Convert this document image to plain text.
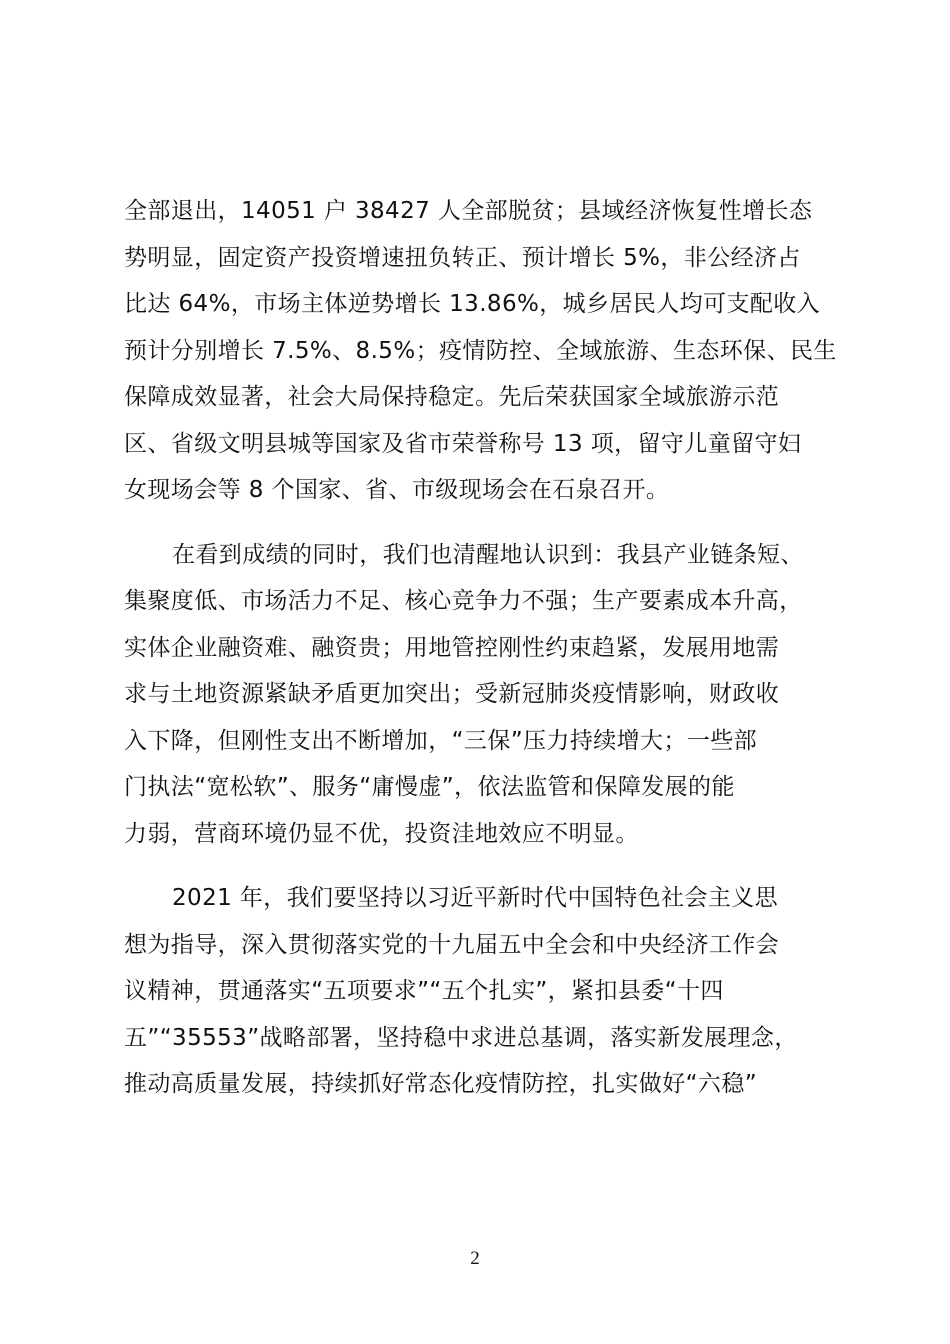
全部退出，14051 户 38427 人全部脱贫；县域经济恢复性增长态
势明显，固定资产投资增速扭负转正、预计增长 5%，非公经济占
比达 64%，市场主体逆势增长 13.86%，城乡居民人均可支配收入
预计分别增长 7.5%、8.5%；疫情防控、全域旅游、生态环保、民生
保障成效显著，社会大局保持稳定。先后荣获国家全域旅游示范
区、省级文明县城等国家及省市荣誉称号 13 项，留守儿童留守妇
女现场会等 8 个国家、省、市级现场会在石泉召开。
在看到成绩的同时，我们也清醒地认识到：我县产业链条短、
集聚度低、市场活力不足、核心竞争力不强；生产要素成本升高，
实体企业融资难、融资贵；用地管控刚性约束趋紧，发展用地需
求与土地资源紧缺矛盾更加突出；受新冠肺炎疫情影响，财政收
入下降，但刚性支出不断增加，“三保”压力持续增大；一些部
门执法“宽松软”、服务“庸慢虚”，依法监管和保障发展的能
力弱，营商环境仍显不优，投资洼地效应不明显。
2021 年，我们要坚持以习近平新时代中国特色社会主义思
想为指导，深入贯彻落实党的十九届五中全会和中央经济工作会
议精神，贯通落实“五项要求”“五个扎实”，紧扣县委“十四
五”“35553”战略部署，坚持稳中求进总基调，落实新发展理念，
推动高质量发展，持续抓好常态化疫情防控，扎实做好“六稳”
2
